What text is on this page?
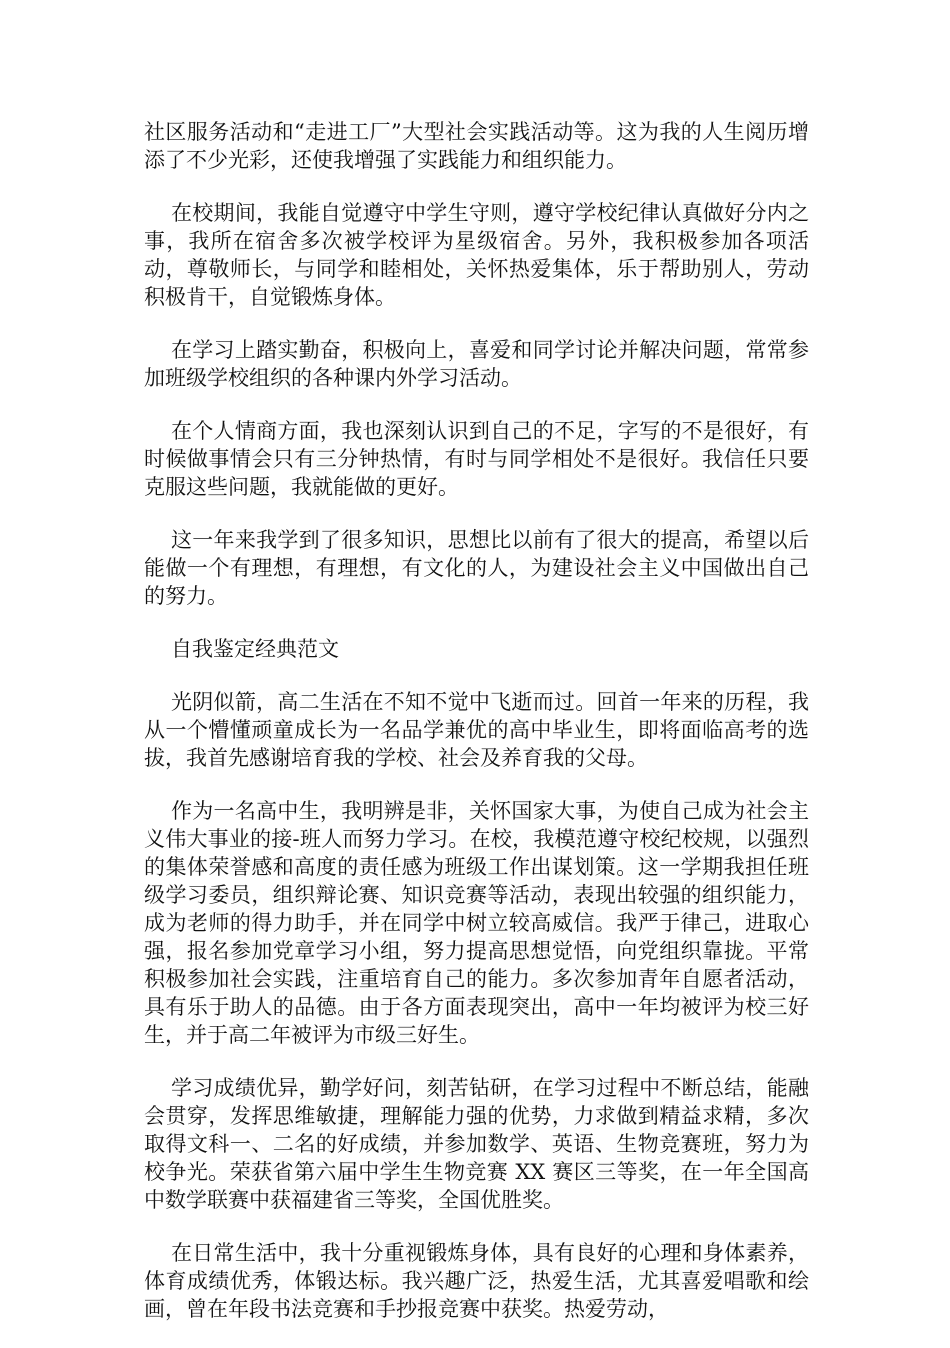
社区服务活动和“走进工厂”大型社会实践活动等。这为我的人生阅历增添了不少光彩，还使我增强了实践能力和组织能力。

在校期间，我能自觉遵守中学生守则，遵守学校纪律认真做好分内之事，我所在宿舍多次被学校评为星级宿舍。另外，我积极参加各项活动，尊敬师长，与同学和睦相处，关怀热爱集体，乐于帮助别人，劳动积极肯干，自觉锻炼身体。

在学习上踏实勤奋，积极向上，喜爱和同学讨论并解决问题，常常参加班级学校组织的各种课内外学习活动。

在个人情商方面，我也深刻认识到自己的不足，字写的不是很好，有时候做事情会只有三分钟热情，有时与同学相处不是很好。我信任只要克服这些问题，我就能做的更好。

这一年来我学到了很多知识，思想比以前有了很大的提高，希望以后能做一个有理想，有理想，有文化的人，为建设社会主义中国做出自己的努力。

自我鉴定经典范文

光阴似箭，高二生活在不知不觉中飞逝而过。回首一年来的历程，我从一个懵懂顽童成长为一名品学兼优的高中毕业生，即将面临高考的选拔，我首先感谢培育我的学校、社会及养育我的父母。

作为一名高中生，我明辨是非，关怀国家大事，为使自己成为社会主义伟大事业的接-班人而努力学习。在校，我模范遵守校纪校规，以强烈的集体荣誉感和高度的责任感为班级工作出谋划策。这一学期我担任班级学习委员，组织辩论赛、知识竞赛等活动，表现出较强的组织能力，成为老师的得力助手，并在同学中树立较高威信。我严于律己，进取心强，报名参加党章学习小组，努力提高思想觉悟，向党组织靠拢。平常积极参加社会实践，注重培育自己的能力。多次参加青年自愿者活动，具有乐于助人的品德。由于各方面表现突出，高中一年均被评为校三好生，并于高二年被评为市级三好生。

学习成绩优异，勤学好问，刻苦钻研，在学习过程中不断总结，能融会贯穿，发挥思维敏捷，理解能力强的优势，力求做到精益求精，多次取得文科一、二名的好成绩，并参加数学、英语、生物竞赛班，努力为校争光。荣获省第六届中学生生物竞赛 XX 赛区三等奖，在一年全国高中数学联赛中获福建省三等奖，全国优胜奖。

在日常生活中，我十分重视锻炼身体，具有良好的心理和身体素养，体育成绩优秀，体锻达标。我兴趣广泛，热爱生活，尤其喜爱唱歌和绘画，曾在年段书法竞赛和手抄报竞赛中获奖。热爱劳动，
